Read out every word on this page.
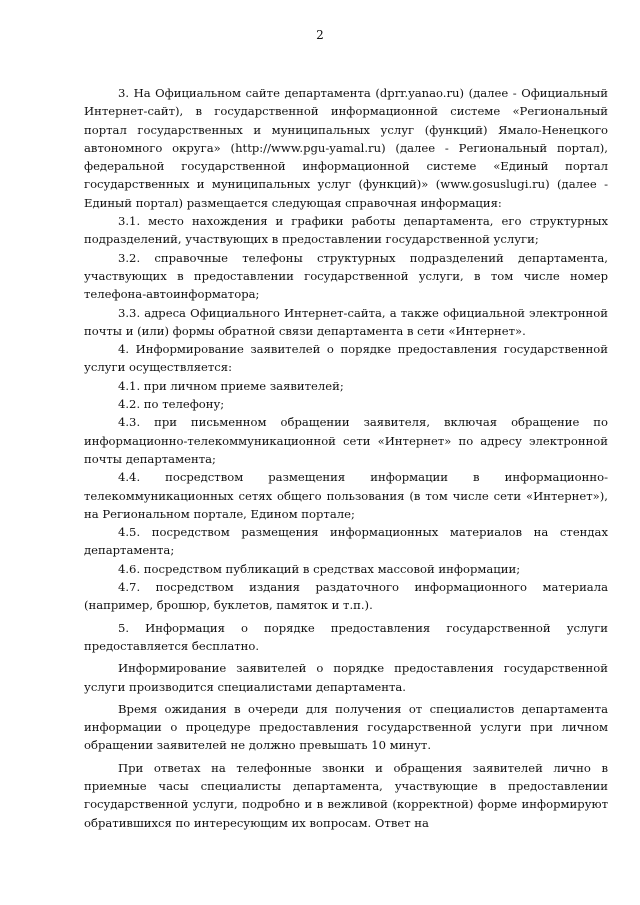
2

3. На Официальном сайте департамента (dprr.yanao.ru) (далее - Официальный Интернет-сайт), в государственной информационной системе «Региональный портал государственных и муниципальных услуг (функций) Ямало-Ненецкого автономного округа» (http://www.pgu-yamal.ru) (далее - Региональный портал), федеральной государственной информационной системе «Единый портал государственных и муниципальных услуг (функций)» (www.gosuslugi.ru) (далее - Единый портал) размещается следующая справочная информация:

3.1. место нахождения и графики работы департамента, его структурных подразделений, участвующих в предоставлении государственной услуги;

3.2. справочные телефоны структурных подразделений департамента, участвующих в предоставлении государственной услуги, в том числе номер телефона-автоинформатора;

3.3. адреса Официального Интернет-сайта, а также официальной электронной почты и (или) формы обратной связи департамента в сети «Интернет».

4. Информирование заявителей о порядке предоставления государственной услуги осуществляется:

4.1. при личном приеме заявителей;

4.2. по телефону;

4.3. при письменном обращении заявителя, включая обращение по информационно-телекоммуникационной сети «Интернет» по адресу электронной почты департамента;

4.4. посредством размещения информации в информационно-телекоммуникационных сетях общего пользования (в том числе сети «Интернет»), на Региональном портале, Едином портале;

4.5. посредством размещения информационных материалов на стендах департамента;

4.6. посредством публикаций в средствах массовой информации;

4.7. посредством издания раздаточного информационного материала (например, брошюр, буклетов, памяток и т.п.).

5. Информация о порядке предоставления государственной услуги предоставляется бесплатно.

Информирование заявителей о порядке предоставления государственной услуги производится специалистами департамента.

Время ожидания в очереди для получения от специалистов департамента информации о процедуре предоставления государственной услуги при личном обращении заявителей не должно превышать 10 минут.

При ответах на телефонные звонки и обращения заявителей лично в приемные часы специалисты департамента, участвующие в предоставлении государственной услуги, подробно и в вежливой (корректной) форме информируют обратившихся по интересующим их вопросам. Ответ на
